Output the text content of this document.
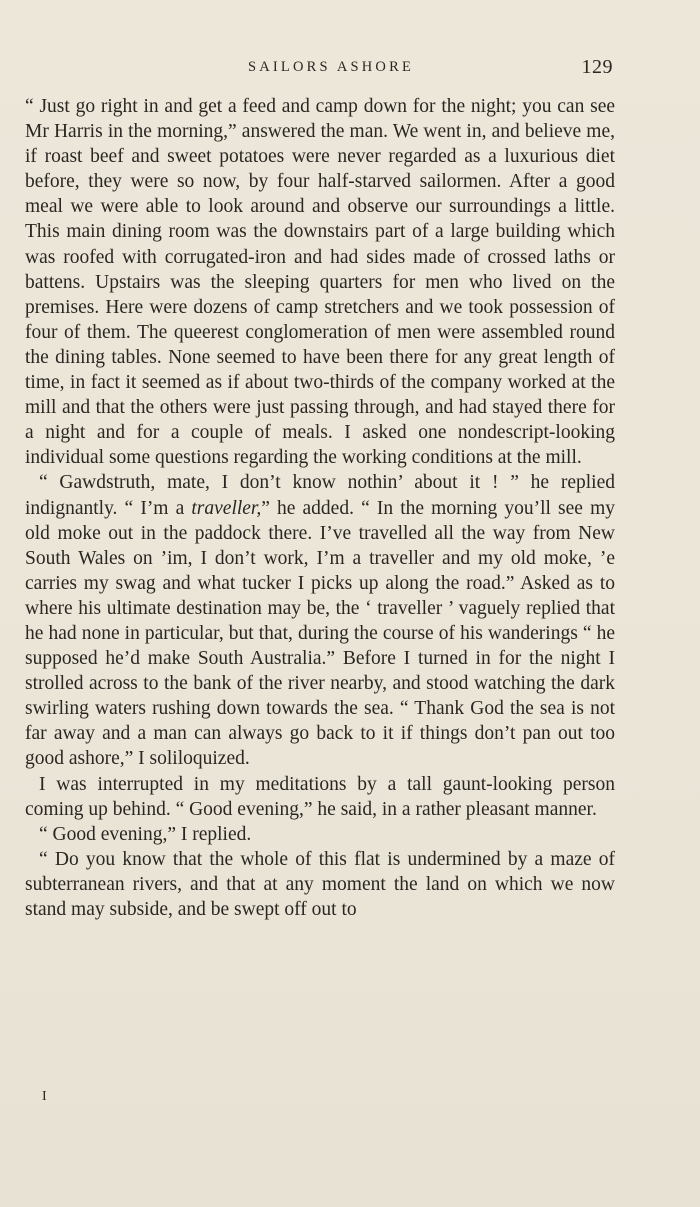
SAILORS ASHORE	129

“ Just go right in and get a feed and camp down for the night; you can see Mr Harris in the morning,” answered the man. We went in, and believe me, if roast beef and sweet potatoes were never regarded as a luxurious diet before, they were so now, by four half-starved sailormen. After a good meal we were able to look around and observe our surroundings a little. This main dining room was the downstairs part of a large building which was roofed with corrugated-iron and had sides made of crossed laths or battens. Upstairs was the sleeping quarters for men who lived on the premises. Here were dozens of camp stretchers and we took possession of four of them. The queerest conglomeration of men were assembled round the dining tables. None seemed to have been there for any great length of time, in fact it seemed as if about two-thirds of the company worked at the mill and that the others were just passing through, and had stayed there for a night and for a couple of meals. I asked one nondescript-looking individual some questions regarding the working conditions at the mill.

“ Gawdstruth, mate, I don’t know nothin’ about it ! ” he replied indignantly. “ I’m a traveller,” he added. “ In the morning you’ll see my old moke out in the paddock there. I’ve travelled all the way from New South Wales on ’im, I don’t work, I’m a traveller and my old moke, ’e carries my swag and what tucker I picks up along the road.” Asked as to where his ultimate destination may be, the ‘ traveller ’ vaguely replied that he had none in particular, but that, during the course of his wanderings “ he supposed he’d make South Australia.” Before I turned in for the night I strolled across to the bank of the river nearby, and stood watching the dark swirling waters rushing down towards the sea. “ Thank God the sea is not far away and a man can always go back to it if things don’t pan out too good ashore,” I soliloquized.

I was interrupted in my meditations by a tall gaunt-looking person coming up behind. “ Good evening,” he said, in a rather pleasant manner.

“ Good evening,” I replied.

“ Do you know that the whole of this flat is undermined by a maze of subterranean rivers, and that at any moment the land on which we now stand may subside, and be swept off out to

I
